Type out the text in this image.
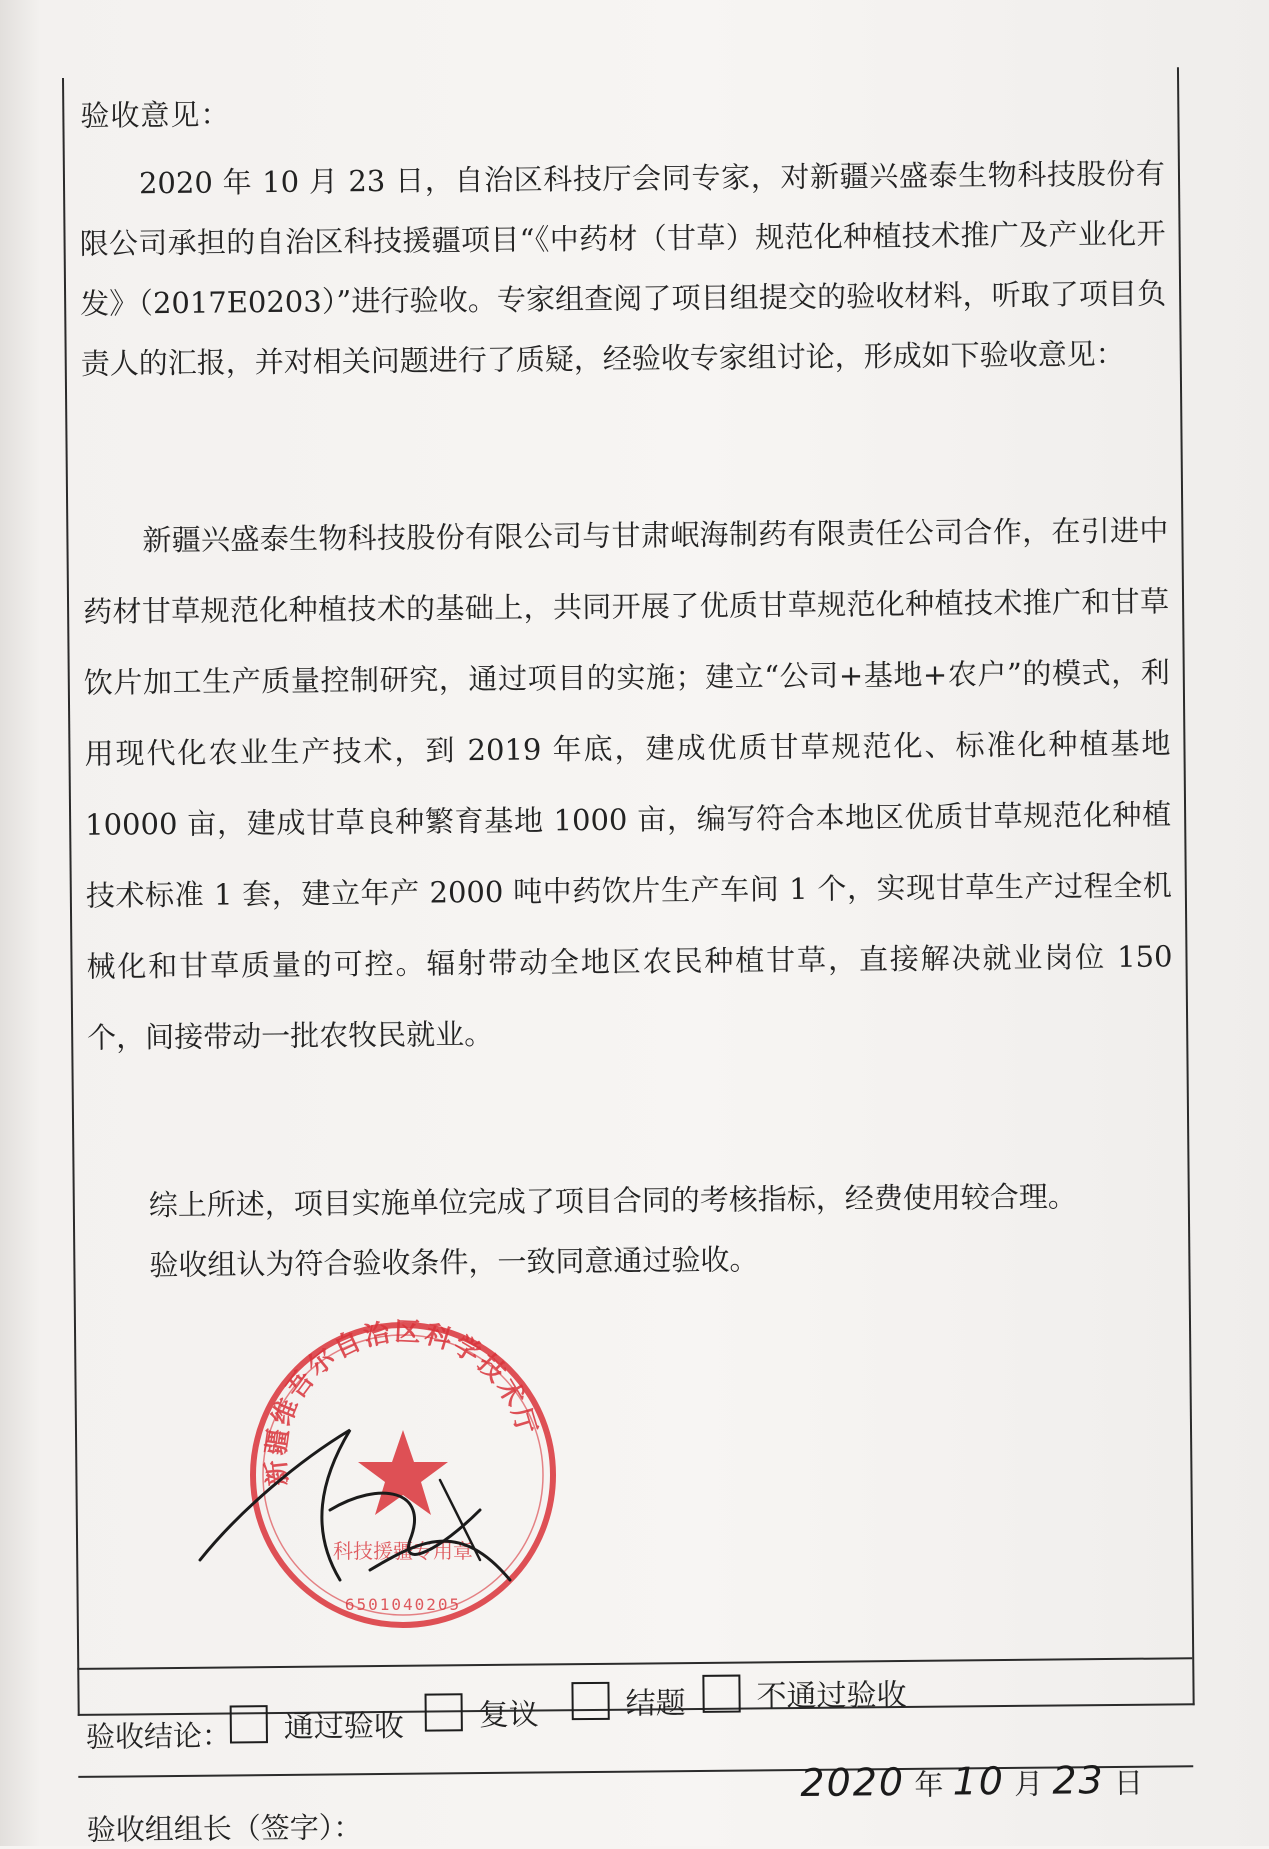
验收意见：

2020 年 10 月 23 日，自治区科技厅会同专家，对新疆兴盛泰生物科技股份有限公司承担的自治区科技援疆项目“《中药材（甘草）规范化种植技术推广及产业化开发》（2017E0203）”进行验收。专家组查阅了项目组提交的验收材料，听取了项目负责人的汇报，并对相关问题进行了质疑，经验收专家组讨论，形成如下验收意见：

新疆兴盛泰生物科技股份有限公司与甘肃岷海制药有限责任公司合作，在引进中药材甘草规范化种植技术的基础上，共同开展了优质甘草规范化种植技术推广和甘草饮片加工生产质量控制研究，通过项目的实施；建立“公司+基地+农户”的模式，利用现代化农业生产技术，到 2019 年底，建成优质甘草规范化、标准化种植基地 10000 亩，建成甘草良种繁育基地 1000 亩，编写符合本地区优质甘草规范化种植技术标准 1 套，建立年产 2000 吨中药饮片生产车间 1 个，实现甘草生产过程全机械化和甘草质量的可控。辐射带动全地区农民种植甘草，直接解决就业岗位 150 个，间接带动一批农牧民就业。

综上所述，项目实施单位完成了项目合同的考核指标，经费使用较合理。

验收组认为符合验收条件，一致同意通过验收。

验收结论： 通过验收 复议	结题 不通过验收
验收组组长（签字）：
2020 年 10 月 23 日
新疆维吾尔自治区科学技术厅
科技援疆专用章
6501040205
